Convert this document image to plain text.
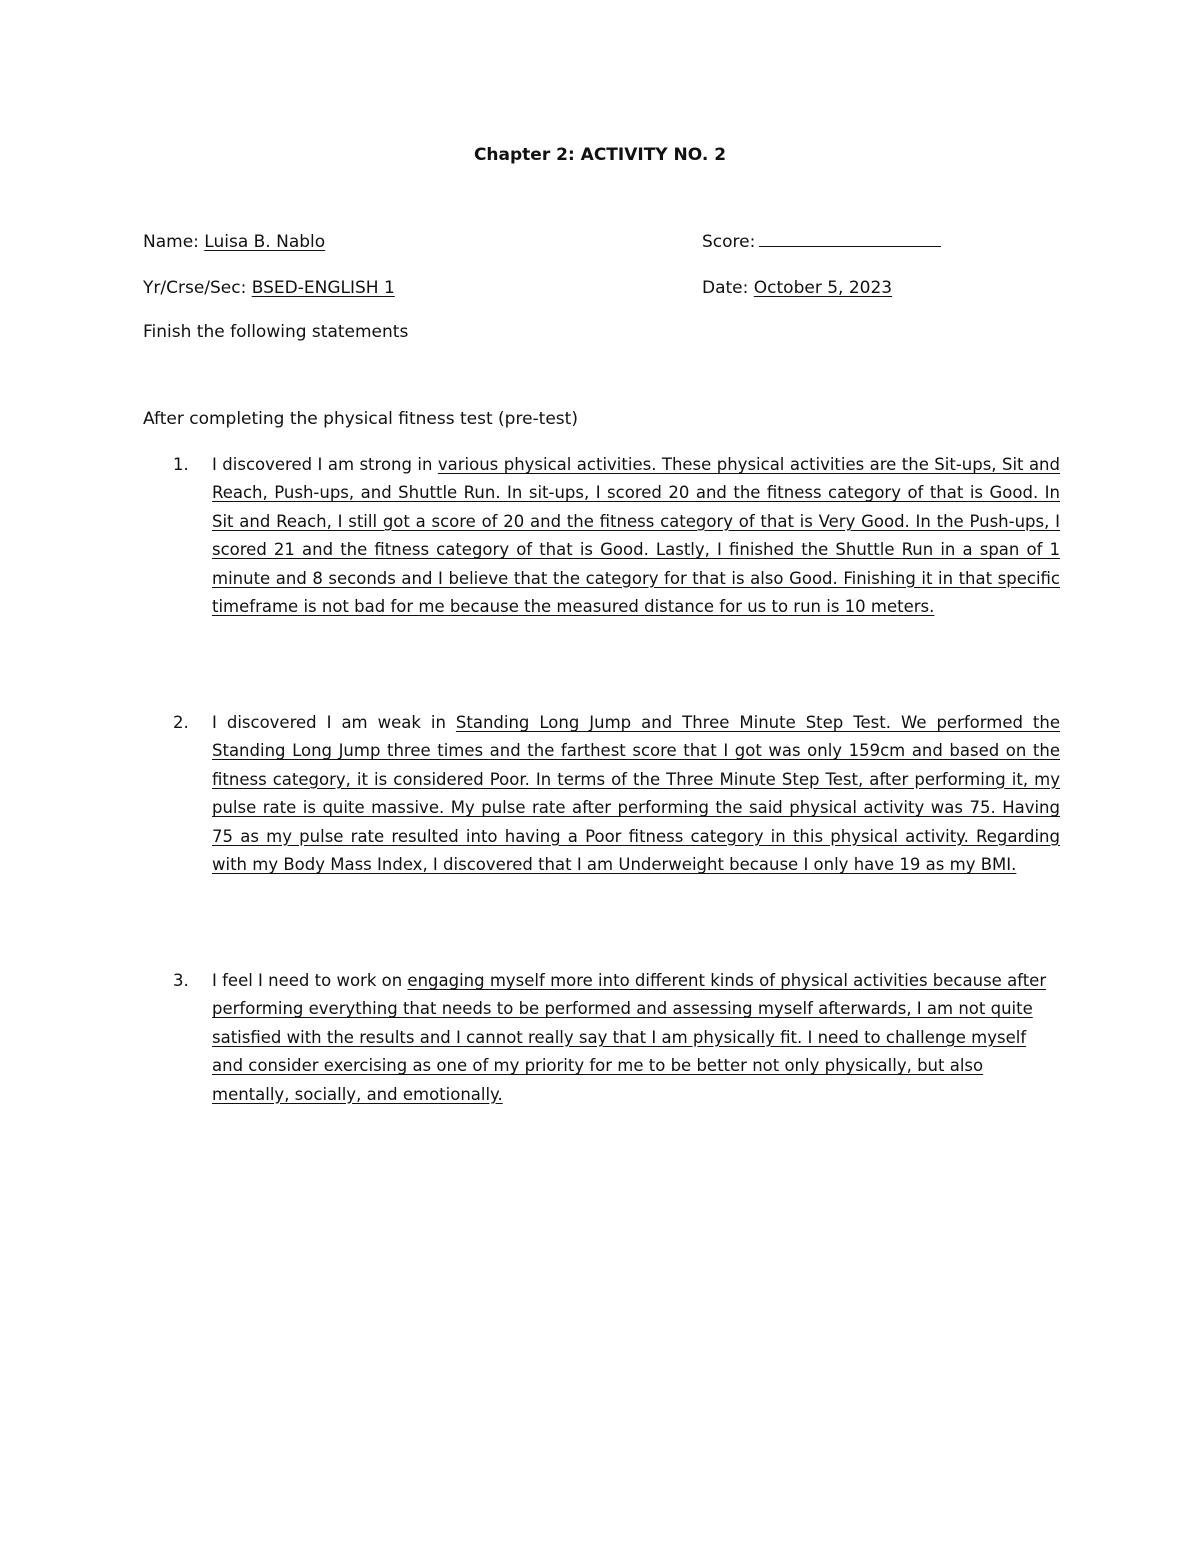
Chapter 2: ACTIVITY NO. 2
Name: Luisa B. Nablo	Score:
Yr/Crse/Sec: BSED-ENGLISH 1	Date: October 5, 2023
Finish the following statements
After completing the physical fitness test (pre-test)
1.	I discovered I am strong in various physical activities. These physical activities are the Sit-ups, Sit and Reach, Push-ups, and Shuttle Run. In sit-ups, I scored 20 and the fitness category of that is Good. In Sit and Reach, I still got a score of 20 and the fitness category of that is Very Good. In the Push-ups, I scored 21 and the fitness category of that is Good. Lastly, I finished the Shuttle Run in a span of 1 minute and 8 seconds and I believe that the category for that is also Good. Finishing it in that specific timeframe is not bad for me because the measured distance for us to run is 10 meters.
2.	I discovered I am weak in Standing Long Jump and Three Minute Step Test. We performed the Standing Long Jump three times and the farthest score that I got was only 159cm and based on the fitness category, it is considered Poor. In terms of the Three Minute Step Test, after performing it, my pulse rate is quite massive. My pulse rate after performing the said physical activity was 75. Having 75 as my pulse rate resulted into having a Poor fitness category in this physical activity. Regarding with my Body Mass Index, I discovered that I am Underweight because I only have 19 as my BMI.
3.	I feel I need to work on engaging myself more into different kinds of physical activities because after performing everything that needs to be performed and assessing myself afterwards, I am not quite satisfied with the results and I cannot really say that I am physically fit. I need to challenge myself and consider exercising as one of my priority for me to be better not only physically, but also mentally, socially, and emotionally.
